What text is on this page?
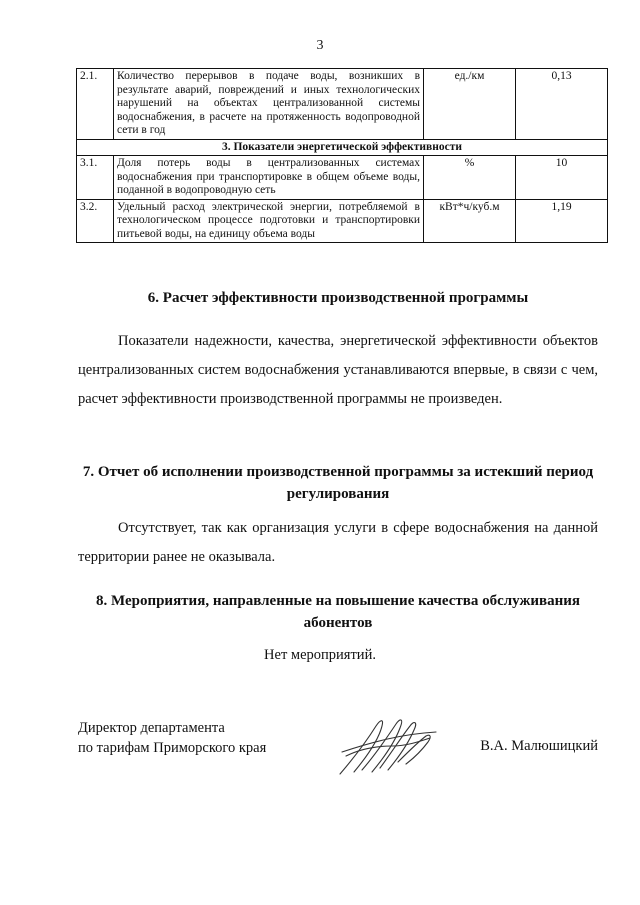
3
2.1.	Количество перерывов в подаче воды, возникших в результате аварий, повреждений и иных технологических нарушений на объектах централизованной системы водоснабжения, в расчете на протяженность водопроводной сети в год	ед./км	0,13
3. Показатели энергетической эффективности			
3.1.	Доля потерь воды в централизованных системах водоснабжения при транспортировке в общем объеме воды, поданной в водопроводную сеть	%	10
3.2.	Удельный расход электрической энергии, потребляемой в технологическом процессе подготовки и транспортировки питьевой воды, на единицу объема воды	кВт*ч/куб.м	1,19
6. Расчет эффективности производственной программы

Показатели надежности, качества, энергетической эффективности объектов централизованных систем водоснабжения устанавливаются впервые, в связи с чем, расчет эффективности производственной программы не произведен.

7. Отчет об исполнении производственной программы за истекший период регулирования

Отсутствует, так как организация услуги в сфере водоснабжения на данной территории ранее не оказывала.

8. Мероприятия, направленные на повышение качества обслуживания абонентов
Нет мероприятий.
Директор департамента
по тарифам Приморского края	В.А. Малюшицкий
